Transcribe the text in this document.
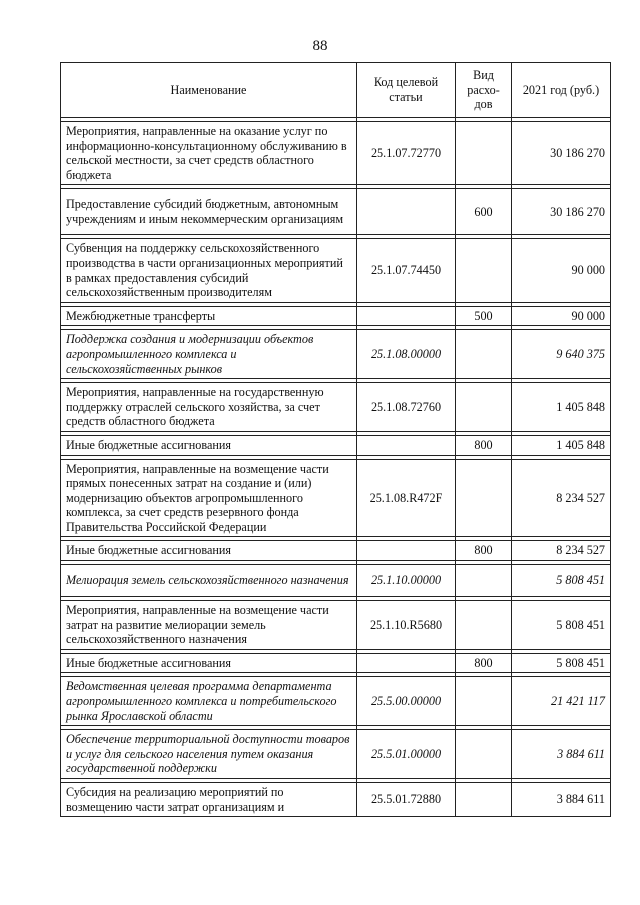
88
Наименование	Код целевой статьи	Вид расхо-дов	2021 год (руб.)

Мероприятия, направленные на оказание услуг по информационно-консультационному обслуживанию в сельской местности, за счет средств областного бюджета	25.1.07.72770		30 186 270

Предоставление субсидий бюджетным, автономным учреждениям и иным некоммерческим организациям		600	30 186 270

Субвенция на поддержку сельскохозяйственного производства в части организационных мероприятий в рамках предоставления субсидий сельскохозяйственным производителям	25.1.07.74450		90 000

Межбюджетные трансферты		500	90 000

Поддержка создания и модернизации объектов агропромышленного комплекса и сельскохозяйственных рынков	25.1.08.00000		9 640 375

Мероприятия, направленные на государственную поддержку отраслей сельского хозяйства, за счет средств областного бюджета	25.1.08.72760		1 405 848

Иные бюджетные ассигнования		800	1 405 848

Мероприятия, направленные на возмещение части прямых понесенных затрат на создание и (или) модернизацию объектов агропромышленного комплекса, за счет средств резервного фонда Правительства Российской Федерации	25.1.08.R472F		8 234 527

Иные бюджетные ассигнования		800	8 234 527

Мелиорация земель сельскохозяйственного назначения	25.1.10.00000		5 808 451

Мероприятия, направленные на возмещение части затрат на развитие мелиорации земель сельскохозяйственного назначения	25.1.10.R5680		5 808 451

Иные бюджетные ассигнования		800	5 808 451

Ведомственная целевая программа департамента агропромышленного комплекса и потребительского рынка Ярославской области	25.5.00.00000		21 421 117

Обеспечение территориальной доступности товаров и услуг для сельского населения путем оказания государственной поддержки	25.5.01.00000		3 884 611

Субсидия на реализацию мероприятий по возмещению части затрат организациям и	25.5.01.72880		3 884 611
